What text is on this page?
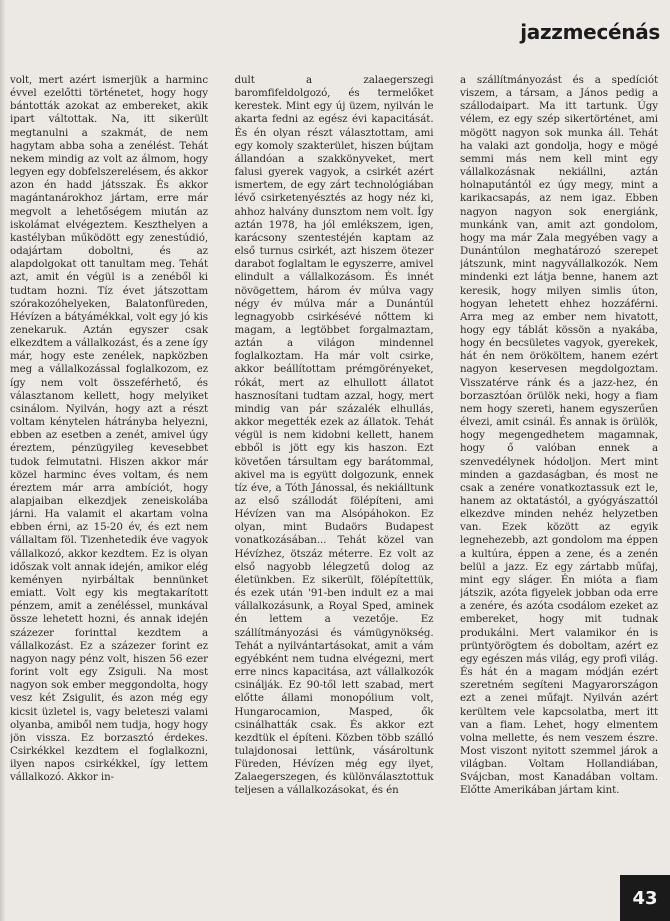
jazzmecénás
volt, mert azért ismerjük a harminc évvel ezelőtti történetet, hogy hogy bántották azokat az embereket, akik ipart váltottak. Na, itt sikerült megtanulni a szakmát, de nem hagytam abba soha a zenélést. Tehát nekem mindig az volt az álmom, hogy legyen egy dobfelszerelésem, és akkor azon én hadd játsszak. És akkor magántanárokhoz jártam, erre már megvolt a lehetőségem miután az iskolámat elvégeztem. Keszthelyen a kastélyban működött egy zenestúdió, odajártam doboltni, és az alapdolgokat ott tanultam meg. Tehát azt, amit én végül is a zenéből ki tudtam hozni. Tíz évet játszottam szórakozóhelyeken, Balatonfüreden, Hévízen a bátyámékkal, volt egy jó kis zenekaruk. Aztán egyszer csak elkezdtem a vállalkozást, és a zene így már, hogy este zenélek, napközben meg a vállalkozással foglalkozom, ez így nem volt összeférhető, és választanom kellett, hogy melyiket csinálom. Nyilván, hogy azt a részt voltam kénytelen hátrányba helyezni, ebben az esetben a zenét, amivel úgy éreztem, pénzügyileg kevesebbet tudok felmutatni. Hiszen akkor már közel harminc éves voltam, és nem éreztem már arra ambíciót, hogy alapjaiban elkezdjek zeneiskolába járni. Ha valamit el akartam volna ebben érni, az 15-20 év, és ezt nem vállaltam föl. Tizenhetedik éve vagyok vállalkozó, akkor kezdtem. Ez is olyan időszak volt annak idején, amikor elég keményen nyirbáltak bennünket emiatt. Volt egy kis megtakarított pénzem, amit a zenéléssel, munkával össze lehetett hozni, és annak idején százezer forinttal kezdtem a vállalkozást. Ez a százezer forint ez nagyon nagy pénz volt, hiszen 56 ezer forint volt egy Zsiguli. Na most nagyon sok ember meggondolta, hogy vesz két Zsigulit, és azon még egy kicsit üzletel is, vagy beleteszi valami olyanba, amiből nem tudja, hogy hogy jön vissza. Ez borzasztó érdekes. Csirkékkel kezdtem el foglalkozni, ilyen napos csirkékkel, így lettem vállalkozó. Akkor in-
dult a zalaegerszegi baromfifeldolgozó, és termelőket kerestek. Mint egy új üzem, nyilván le akarta fedni az egész évi kapacitását. És én olyan részt választottam, ami egy komoly szakterület, hiszen bújtam állandóan a szakkönyveket, mert falusi gyerek vagyok, a csirkét azért ismertem, de egy zárt technológiában lévő csirketenyésztés az hogy néz ki, ahhoz halvány dunsztom nem volt. Így aztán 1978, ha jól emlékszem, igen, karácsony szentestéjén kaptam az első turnus csirkét, azt hiszem ötezer darabot foglaltam le egyszerre, amivel elindult a vállalkozásom. És innét növögettem, három év múlva vagy négy év múlva már a Dunántúl legnagyobb csirkésévé nőttem ki magam, a legtöbbet forgalmaztam, aztán a világon mindennel foglalkoztam. Ha már volt csirke, akkor beállítottam prémgörényeket, rókát, mert az elhullott állatot hasznosítani tudtam azzal, hogy, mert mindig van pár százalék elhullás, akkor megették ezek az állatok. Tehát végül is nem kidobni kellett, hanem ebből is jött egy kis haszon. Ezt követően társultam egy barátommal, akivel ma is együtt dolgozunk, ennek tíz éve, a Tóth Jánossal, és nekiálltunk az első szállodát fölépíteni, ami Hévízen van ma Alsópáhokon. Ez olyan, mint Budaörs Budapest vonatkozásában... Tehát közel van Hévízhez, ötszáz méterre. Ez volt az első nagyobb lélegzetű dolog az életünkben. Ez sikerült, fölépítettük, és ezek után '91-ben indult ez a mai vállalkozásunk, a Royal Sped, aminek én lettem a vezetője. Ez szállítmányozási és vámügynökség. Tehát a nyilvántartásokat, amit a vám egyébként nem tudna elvégezni, mert erre nincs kapacitása, azt vállalkozók csinálják. Ez 90-től lett szabad, mert előtte állami monopólium volt, Hungarocamion, Masped, ők csinálhatták csak. És akkor ezt kezdtük el építeni. Közben több szálló tulajdonosai lettünk, vásároltunk Füreden, Hévízen még egy ilyet, Zalaegerszegen, és különválasztottuk teljesen a vállalkozásokat, és én
a szállítmányozást és a spedíciót viszem, a társam, a János pedig a szállodaipart. Ma itt tartunk. Úgy vélem, ez egy szép sikertörténet, ami mögött nagyon sok munka áll. Tehát ha valaki azt gondolja, hogy e mögé semmi más nem kell mint egy vállalkozásnak nekiállni, aztán holnaputántól ez úgy megy, mint a karikacsapás, az nem igaz. Ebben nagyon nagyon sok energiánk, munkánk van, amit azt gondolom, hogy ma már Zala megyében vagy a Dunántúlon meghatározó szerepet játszunk, mint nagyvállalkozók. Nem mindenki ezt látja benne, hanem azt keresik, hogy milyen simlis úton, hogyan lehetett ehhez hozzáférni. Arra meg az ember nem hivatott, hogy egy táblát kössön a nyakába, hogy én becsületes vagyok, gyerekek, hát én nem örököltem, hanem ezért nagyon keservesen megdolgoztam. Visszatérve ránk és a jazz-hez, én borzasztóan örülök neki, hogy a fiam nem hogy szereti, hanem egyszerűen élvezi, amit csinál. És annak is örülök, hogy megengedhetem magamnak, hogy ő valóban ennek a szenvedélynek hódoljon. Mert mint minden a gazdaságban, és most ne csak a zenére vonatkoztassuk ezt le, hanem az oktatástól, a gyógyászattól elkezdve minden nehéz helyzetben van. Ezek között az egyik legnehezebb, azt gondolom ma éppen a kultúra, éppen a zene, és a zenén belül a jazz. Ez egy zártabb műfaj, mint egy sláger. Én mióta a fiam játszik, azóta figyelek jobban oda erre a zenére, és azóta csodálom ezeket az embereket, hogy mit tudnak produkálni. Mert valamikor én is prüntyörögtem és doboltam, azért ez egy egészen más világ, egy profi világ. És hát én a magam módján ezért szeretném segíteni Magyarországon ezt a zenei műfajt. Nyilván azért kerültem vele kapcsolatba, mert itt van a fiam. Lehet, hogy elmentem volna mellette, és nem veszem észre. Most viszont nyitott szemmel járok a világban. Voltam Hollandiában, Svájcban, most Kanadában voltam. Előtte Amerikában jártam kint.
43
